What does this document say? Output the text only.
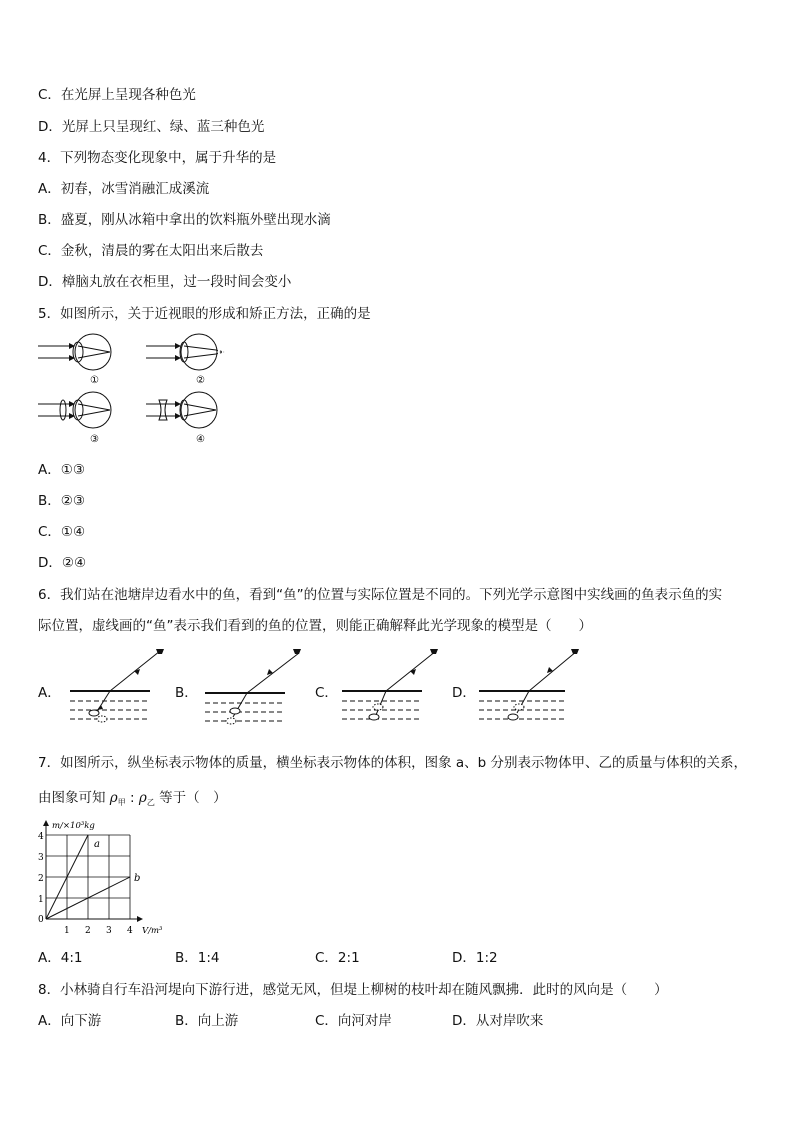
C．在光屏上呈现各种色光
D．光屏上只呈现红、绿、蓝三种色光
4．下列物态变化现象中，属于升华的是
A．初春，冰雪消融汇成溪流
B．盛夏，刚从冰箱中拿出的饮料瓶外壁出现水滴
C．金秋，清晨的雾在太阳出来后散去
D．樟脑丸放在衣柜里，过一段时间会变小
5．如图所示，关于近视眼的形成和矫正方法，正确的是
①	②
③	④
A．①③
B．②③
C．①④
D．②④
6．我们站在池塘岸边看水中的鱼，看到“鱼”的位置与实际位置是不同的。下列光学示意图中实线画的鱼表示鱼的实
际位置，虚线画的“鱼”表示我们看到的鱼的位置，则能正确解释此光学现象的模型是（　　）
A．	B．	C．	D．
7．如图所示，纵坐标表示物体的质量，横坐标表示物体的体积，图象 a、b 分别表示物体甲、乙的质量与体积的关系，
由图象可知 $\rho_甲$ : $\rho_乙$ 等于（　）
a
b
m/×10³kg
V/m³
0
1
2
3
4
1 2 3 4
A．4:1	B．1:4	C．2:1	D．1:2
8．小林骑自行车沿河堤向下游行进，感觉无风，但堤上柳树的枝叶却在随风飘拂．此时的风向是（　　）
A．向下游	B．向上游	C．向河对岸	D．从对岸吹来
